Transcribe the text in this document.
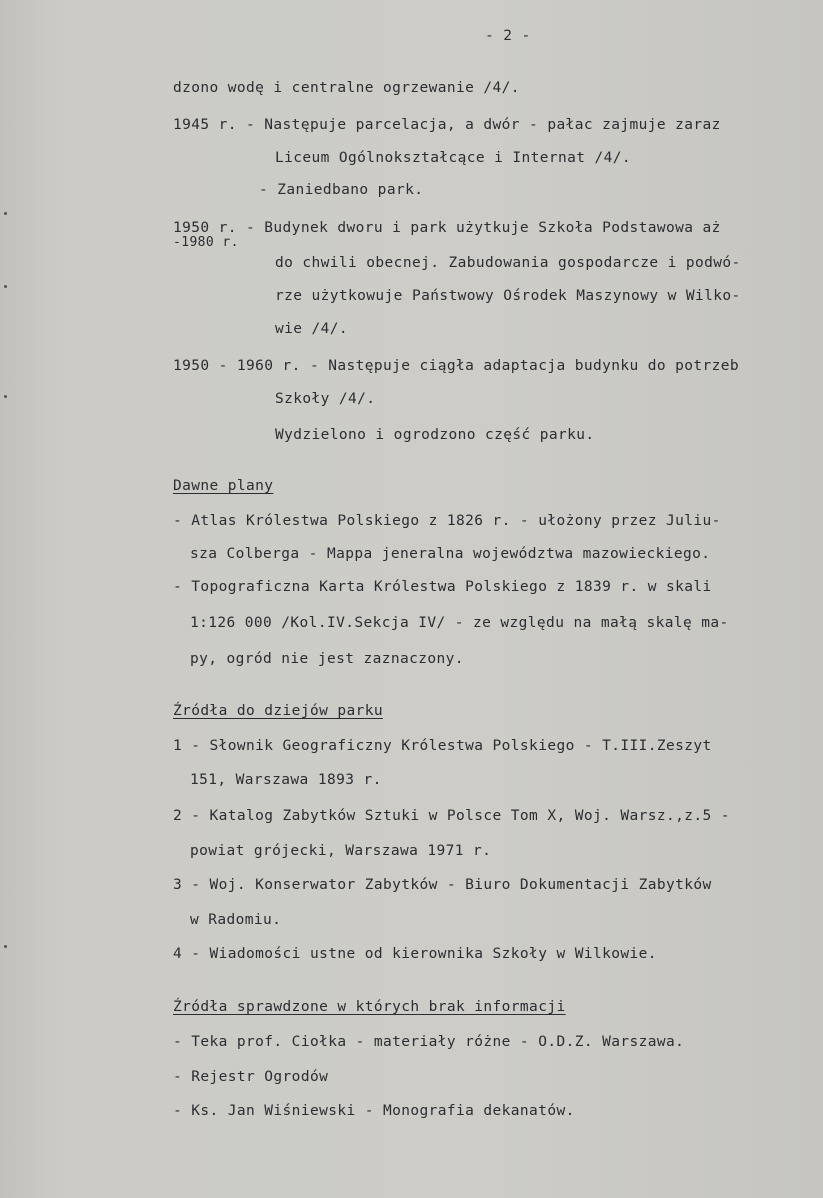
- 2 -
dzono wodę i centralne ogrzewanie /4/.
1945 r. - Następuje parcelacja, a dwór - pałac zajmuje zaraz
Liceum Ogólnokształcące i Internat /4/.
- Zaniedbano park.
1950 r. - Budynek dworu i park użytkuje Szkoła Podstawowa aż
-1980 r.
do chwili obecnej. Zabudowania gospodarcze i podwó-
rze użytkowuje Państwowy Ośrodek Maszynowy w Wilko-
wie /4/.
1950 - 1960 r. - Następuje ciągła adaptacja budynku do potrzeb
Szkoły /4/.
Wydzielono i ogrodzono część parku.
Dawne plany
- Atlas Królestwa Polskiego z 1826 r. - ułożony przez Juliu-
sza Colberga - Mappa jeneralna województwa mazowieckiego.
- Topograficzna Karta Królestwa Polskiego z 1839 r. w skali
1:126 000 /Kol.IV.Sekcja IV/ - ze względu na małą skalę ma-
py, ogród nie jest zaznaczony.
Źródła do dziejów parku
1 - Słownik Geograficzny Królestwa Polskiego - T.III.Zeszyt
151, Warszawa 1893 r.
2 - Katalog Zabytków Sztuki w Polsce Tom X, Woj. Warsz.,z.5 -
powiat grójecki, Warszawa 1971 r.
3 - Woj. Konserwator Zabytków - Biuro Dokumentacji Zabytków
w Radomiu.
4 - Wiadomości ustne od kierownika Szkoły w Wilkowie.
Źródła sprawdzone w których brak informacji
- Teka prof. Ciołka - materiały różne - O.D.Z. Warszawa.
- Rejestr Ogrodów
- Ks. Jan Wiśniewski - Monografia dekanatów.
